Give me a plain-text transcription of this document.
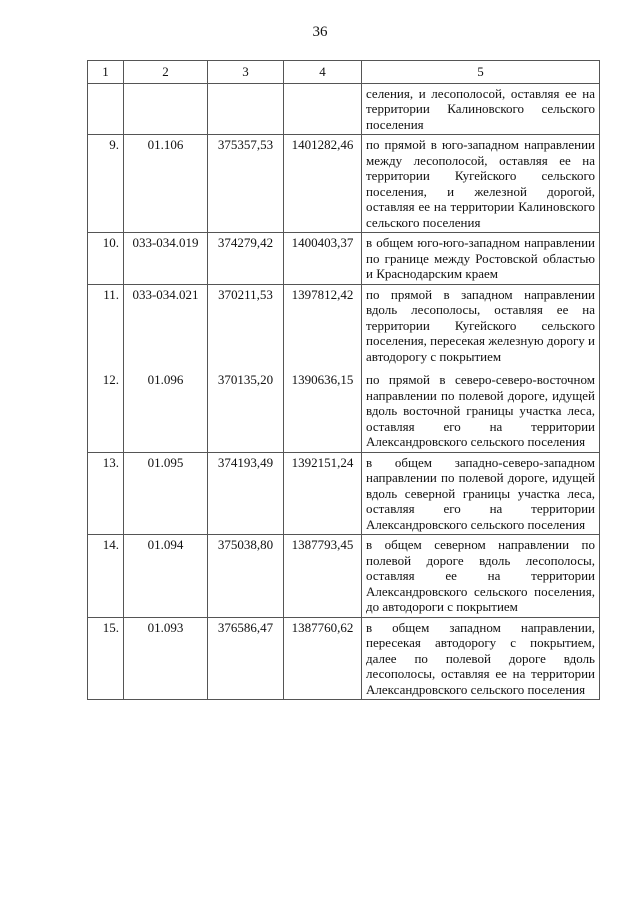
36
1	2	3	4	5
				селения, и лесополосой, оставляя ее на территории Калиновского сельского поселения
9.	01.106	375357,53	1401282,46	по прямой в юго-западном направлении между лесополосой, оставляя ее на территории Кугейского сельского поселения, и железной дорогой, оставляя ее на территории Калиновского сельского поселения
10.	033-034.019	374279,42	1400403,37	в общем юго-юго-западном направлении по границе между Ростовской областью и Краснодарским краем
11.	033-034.021	370211,53	1397812,42	по прямой в западном направлении вдоль лесополосы, оставляя ее на территории Кугейского сельского поселения, пересекая железную дорогу и автодорогу с покрытием
12.	01.096	370135,20	1390636,15	по прямой в северо-северо-восточном направлении по полевой дороге, идущей вдоль восточной границы участка леса, оставляя его на территории Александровского сельского поселения
13.	01.095	374193,49	1392151,24	в общем западно-северо-западном направлении по полевой дороге, идущей вдоль северной границы участка леса, оставляя его на территории Александровского сельского поселения
14.	01.094	375038,80	1387793,45	в общем северном направлении по полевой дороге вдоль лесополосы, оставляя ее на территории Александровского сельского поселения, до автодороги с покрытием
15.	01.093	376586,47	1387760,62	в общем западном направлении, пересекая автодорогу с покрытием, далее по полевой дороге вдоль лесополосы, оставляя ее на территории Александровского сельского поселения
